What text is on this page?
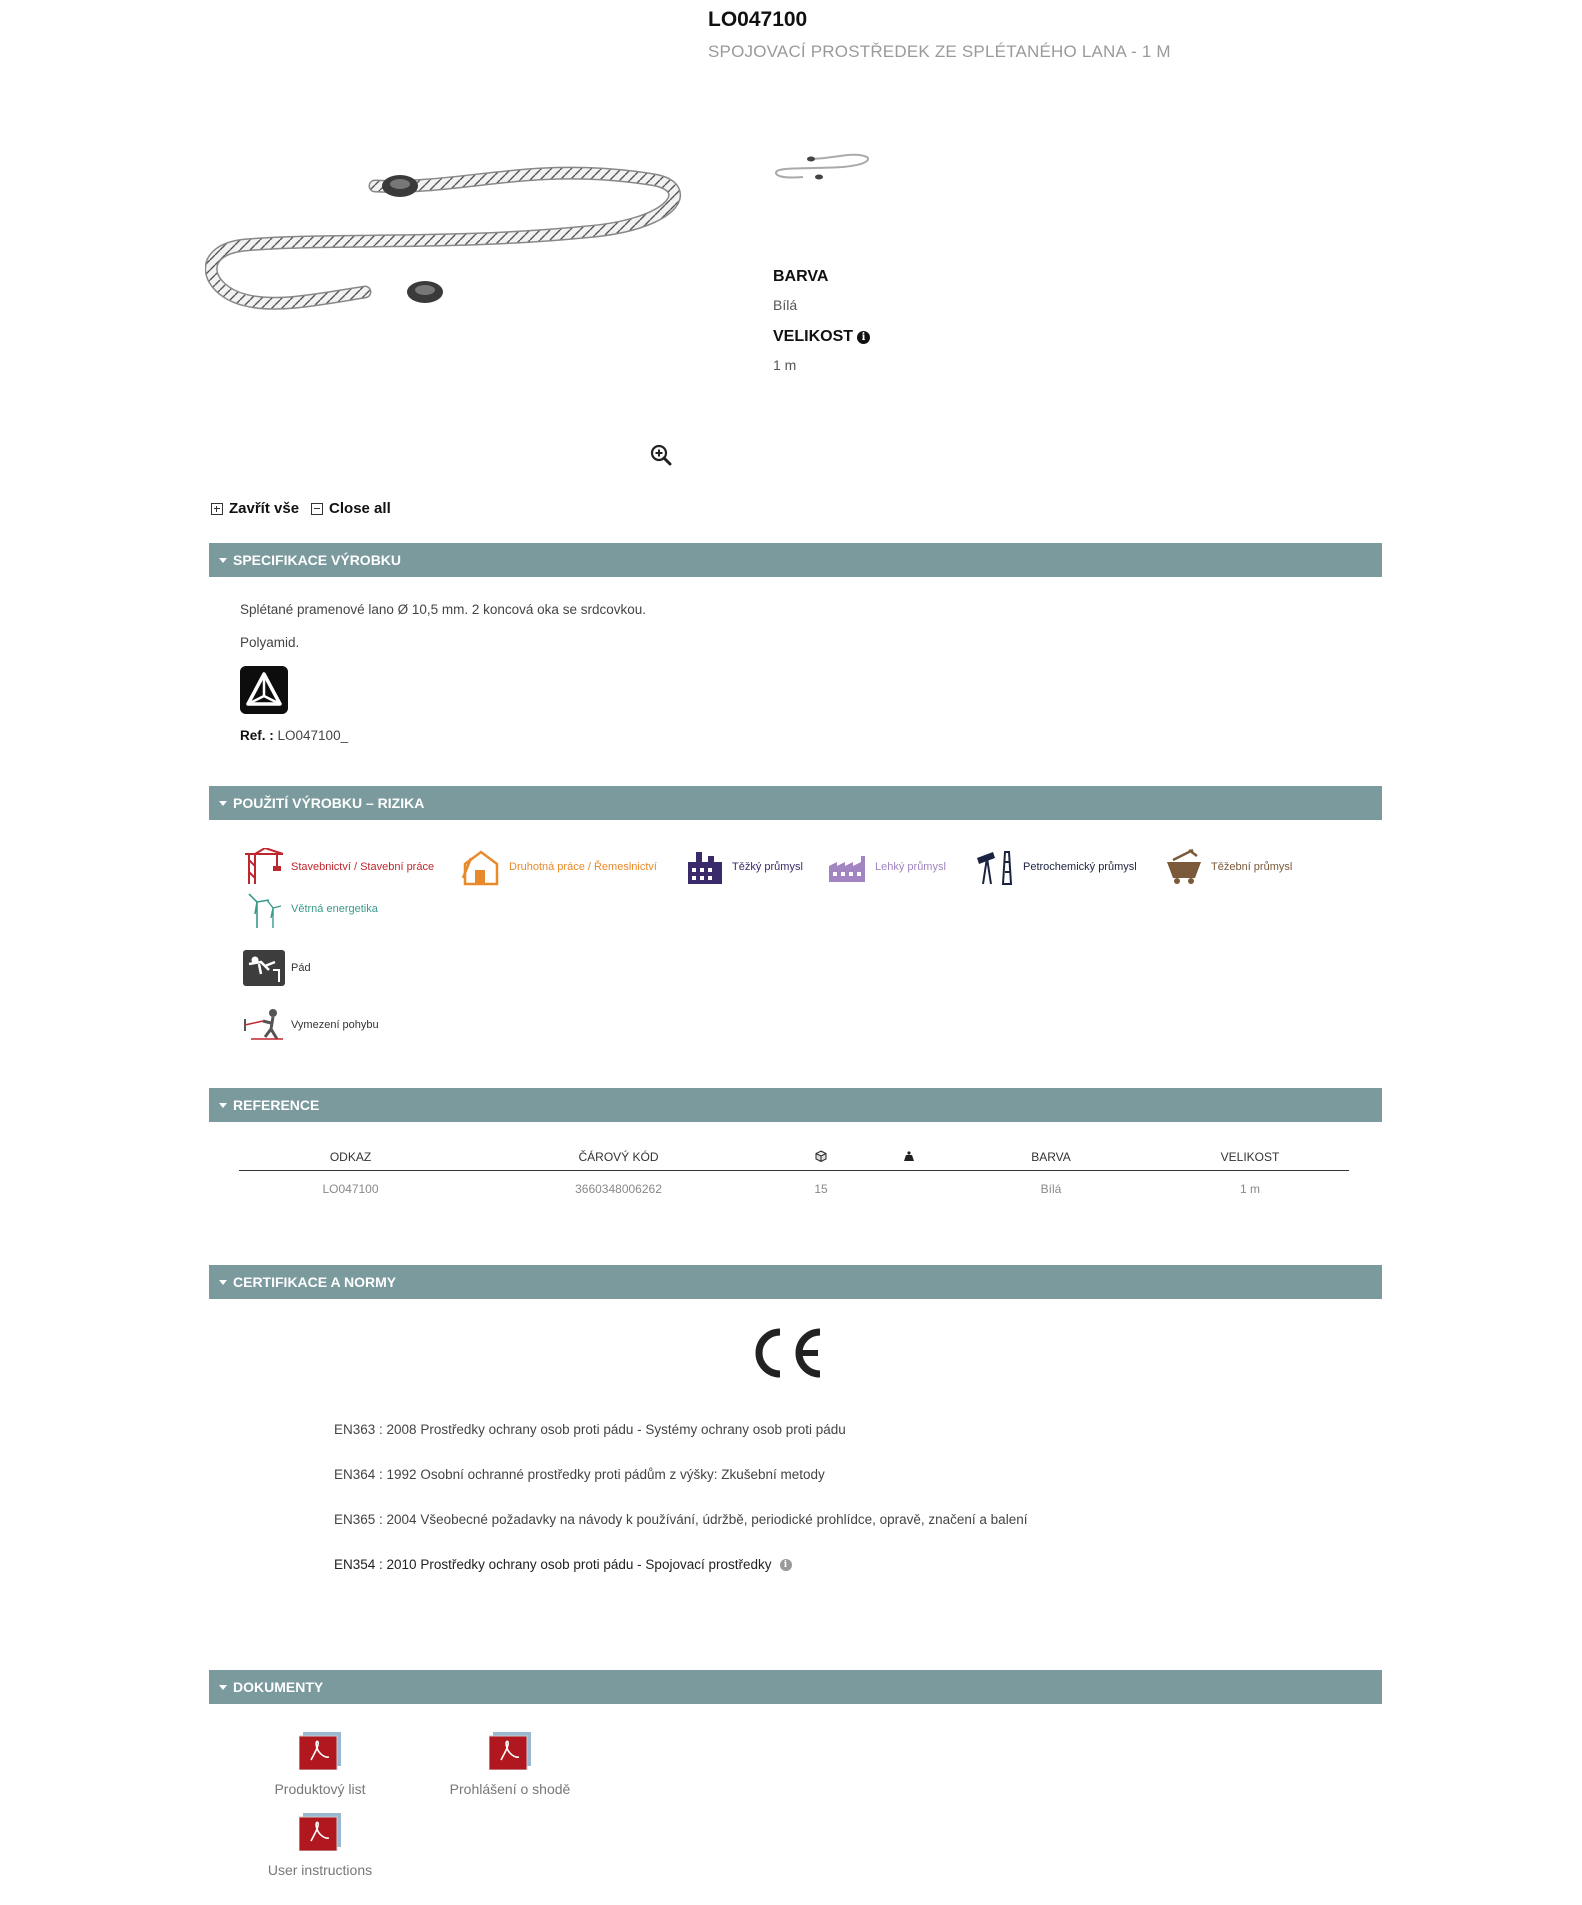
LO047100
SPOJOVACÍ PROSTŘEDEK ZE SPLÉTANÉHO LANA - 1 M
BARVA
Bílá
VELIKOST i
1 m
Zavřít vše Close all
SPECIFIKACE VÝROBKU
Splétané pramenové lano Ø 10,5 mm. 2 koncová oka se srdcovkou.
Polyamid.
Ref. : LO047100_
POUŽITÍ VÝROBKU – RIZIKA
Stavebnictví / Stavební práce	Druhotná práce / Řemeslnictví	Těžký průmysl	Lehký průmysl	Petrochemický průmysl	Těžební průmysl
Větrná energetika
Pád
Vymezení pohybu
REFERENCE
ODKAZ	ČÁROVÝ KÓD			BARVA	VELIKOST
LO047100	3660348006262	15		Bílá	1 m
CERTIFIKACE A NORMY
EN363 : 2008 Prostředky ochrany osob proti pádu - Systémy ochrany osob proti pádu
EN364 : 1992 Osobní ochranné prostředky proti pádům z výšky: Zkušební metody
EN365 : 2004 Všeobecné požadavky na návody k používání, údržbě, periodické prohlídce, opravě, značení a balení
EN354 : 2010 Prostředky ochrany osob proti pádu - Spojovací prostředky	i
DOKUMENTY
Produktový list	Prohlášení o shodě
User instructions
